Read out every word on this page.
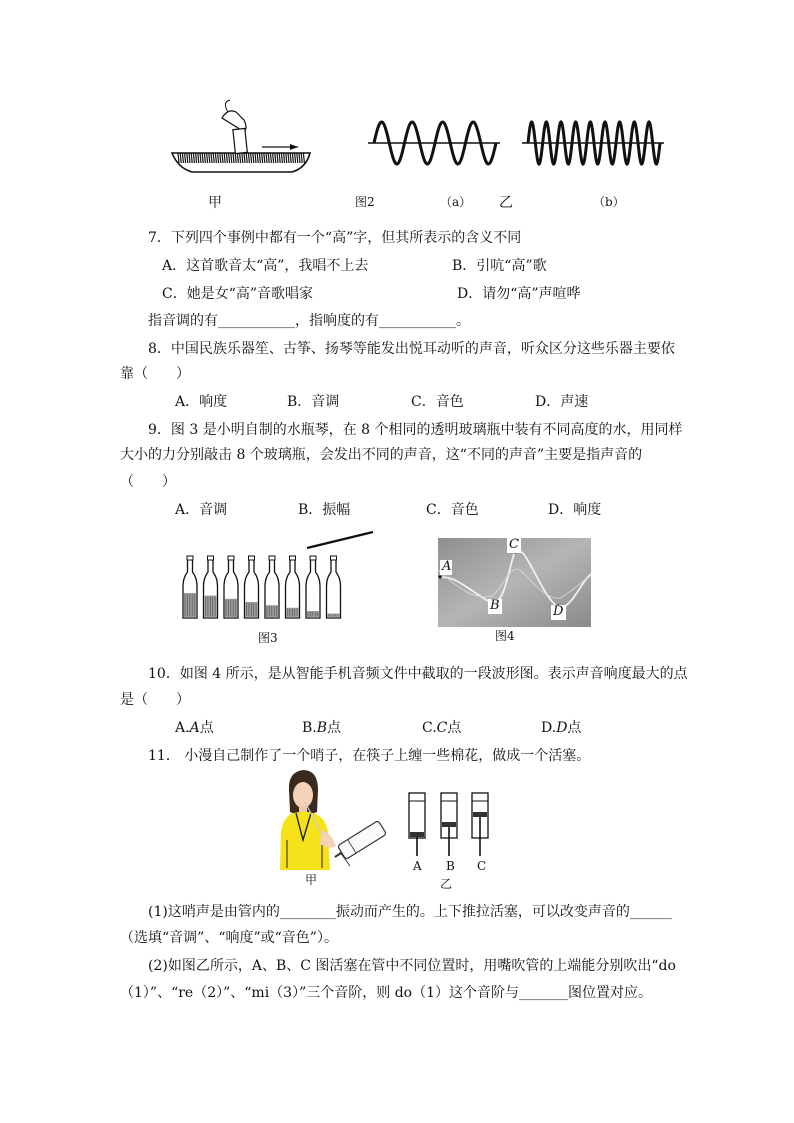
甲	图2	（a） 乙	（b）
7．下列四个事例中都有一个“高”字，但其所表示的含义不同
A．这首歌音太“高”，我唱不上去	B．引吭“高”歌
C．她是女“高”音歌唱家	D．请勿“高”声喧哗
指音调的有___________，指响度的有___________。
8．中国民族乐器笙、古筝、扬琴等能发出悦耳动听的声音，听众区分这些乐器主要依
靠（　　）
A．响度	B．音调	C．音色	D．声速
9．图 3 是小明自制的水瓶琴，在 8 个相同的透明玻璃瓶中装有不同高度的水，用同样
大小的力分别敲击 8 个玻璃瓶，会发出不同的声音，这“不同的声音”主要是指声音的
（　　）
A．音调	B．振幅	C．音色	D．响度
图3
A
B
C
D
图4
10．如图 4 所示，是从智能手机音频文件中截取的一段波形图。表示声音响度最大的点
是（　　）
A.A点	B.B点	C.C点	D.D点
11． 小漫自己制作了一个哨子，在筷子上缠一些棉花，做成一个活塞。
甲
A B C
乙
(1)这哨声是由管内的________振动而产生的。上下推拉活塞，可以改变声音的______
（选填“音调”、“响度”或“音色”）。
(2)如图乙所示，A、B、C 图活塞在管中不同位置时，用嘴吹管的上端能分别吹出“do
（1）”、“re（2）”、“mi（3）”三个音阶，则 do（1）这个音阶与_______图位置对应。
